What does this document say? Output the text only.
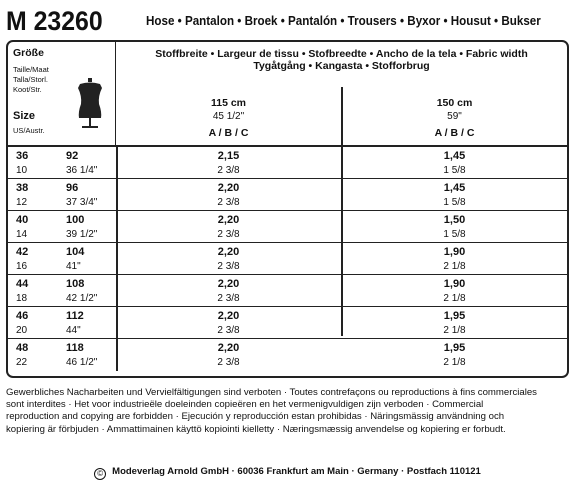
M 23260	Hose • Pantalon • Broek • Pantalón • Trousers • Byxor • Housut • Bukser
Größe
Taille/Maat
Talla/Storl.
Koot/Str.
Size
US/Austr.
Stoffbreite • Largeur de tissu • Stofbreedte • Ancho de la tela • Fabric width
Tygåtgång • Kangasta • Stofforbrug
115 cm
45 1/2"
A / B / C
150 cm
59"
A / B / C
36
10
92
36 1/4"
2,15
2 3/8
1,45
1 5/8
38
12
96
37 3/4"
2,20
2 3/8
1,45
1 5/8
40
14
100
39 1/2"
2,20
2 3/8
1,50
1 5/8
42
16
104
41"
2,20
2 3/8
1,90
2 1/8
44
18
108
42 1/2"
2,20
2 3/8
1,90
2 1/8
46
20
112
44"
2,20
2 3/8
1,95
2 1/8
48
22
118
46 1/2"
2,20
2 3/8
1,95
2 1/8
Gewerbliches Nacharbeiten und Vervielfältigungen sind verboten · Toutes contrefaçons ou reproductions à fins commerciales
sont interdites · Het voor industrieële doeleinden copieëren en het vermenigvuldigen zijn verboden · Commercial
reproduction and copying are forbidden · Ejecución y reproducción estan prohibidas · Näringsmässig användning och
kopiering är förbjuden · Ammattimainen käyttö kopiointi kielletty · Næringsmæssig anvendelse og kopiering er forbudt.
© Modeverlag Arnold GmbH · 60036 Frankfurt am Main · Germany · Postfach 110121
